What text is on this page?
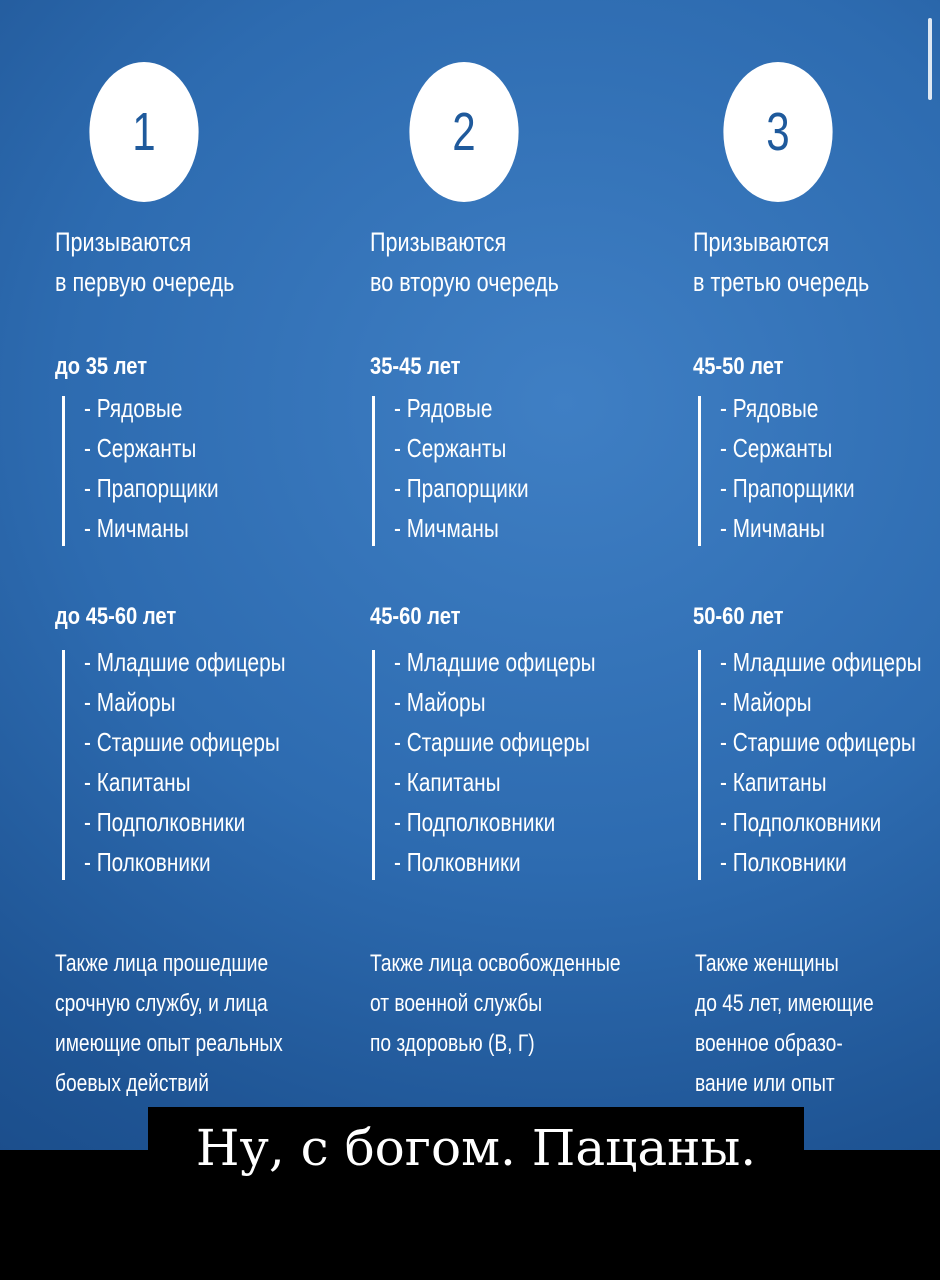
1
Призываются
в первую очередь
до 35 лет
- Рядовые
- Сержанты
- Прапорщики
- Мичманы
до 45-60 лет
- Младшие офицеры
- Майоры
- Старшие офицеры
- Капитаны
- Подполковники
- Полковники
Также лица прошедшие
срочную службу, и лица
имеющие опыт реальных
боевых действий
2
Призываются
во вторую очередь
35-45 лет
- Рядовые
- Сержанты
- Прапорщики
- Мичманы
45-60 лет
- Младшие офицеры
- Майоры
- Старшие офицеры
- Капитаны
- Подполковники
- Полковники
Также лица освобожденные
от военной службы
по здоровью (В, Г)
3
Призываются
в третью очередь
45-50 лет
- Рядовые
- Сержанты
- Прапорщики
- Мичманы
50-60 лет
- Младшие офицеры
- Майоры
- Старшие офицеры
- Капитаны
- Подполковники
- Полковники
Также женщины
до 45 лет, имеющие
военное образо-
вание или опыт
Ну, с богом. Пацаны.
